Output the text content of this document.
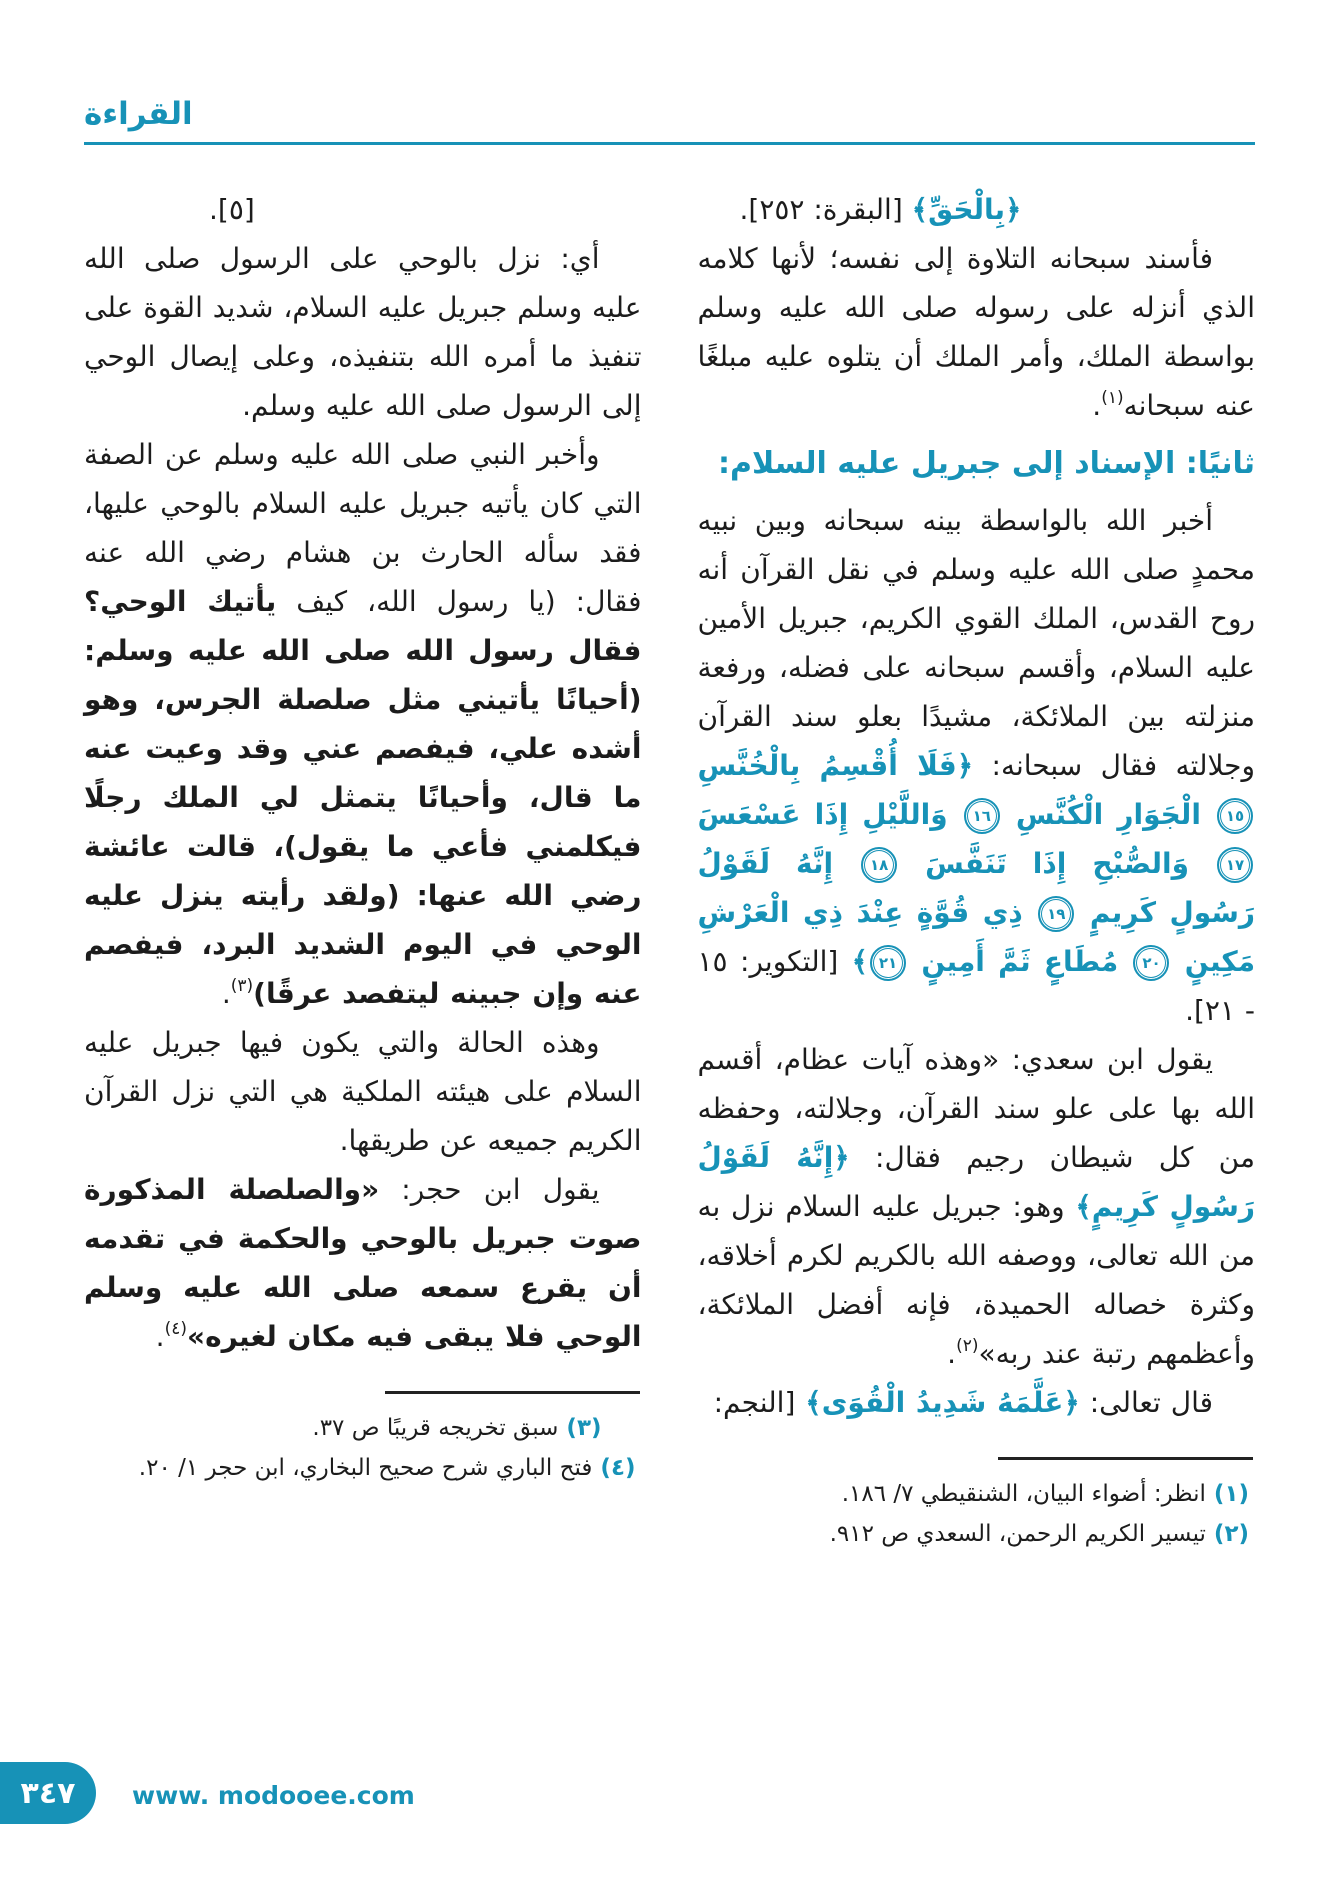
القراءة

﴿بِالْحَقِّ﴾ [البقرة: ٢٥٢].

فأسند سبحانه التلاوة إلى نفسه؛ لأنها كلامه الذي أنزله على رسوله صلى الله عليه وسلم بواسطة الملك، وأمر الملك أن يتلوه عليه مبلغًا عنه سبحانه$^{(١)}$.

ثانيًا: الإسناد إلى جبريل عليه السلام:

أخبر الله بالواسطة بينه سبحانه وبين نبيه محمدٍ صلى الله عليه وسلم في نقل القرآن أنه روح القدس، الملك القوي الكريم، جبريل الأمين عليه السلام، وأقسم سبحانه على فضله، ورفعة منزلته بين الملائكة، مشيدًا بعلو سند القرآن وجلالته فقال سبحانه: ﴿فَلَا أُقْسِمُ بِالْخُنَّسِ ١٥ الْجَوَارِ الْكُنَّسِ ١٦ وَاللَّيْلِ إِذَا عَسْعَسَ ١٧ وَالصُّبْحِ إِذَا تَنَفَّسَ ١٨ إِنَّهُ لَقَوْلُ رَسُولٍ كَرِيمٍ ١٩ ذِي قُوَّةٍ عِنْدَ ذِي الْعَرْشِ مَكِينٍ ٢٠ مُطَاعٍ ثَمَّ أَمِينٍ ٢١﴾ [التكوير: ١٥ - ٢١].

يقول ابن سعدي: «وهذه آيات عظام، أقسم الله بها على علو سند القرآن، وجلالته، وحفظه من كل شيطان رجيم فقال: ﴿إِنَّهُ لَقَوْلُ رَسُولٍ كَرِيمٍ﴾ وهو: جبريل عليه السلام نزل به من الله تعالى، ووصفه الله بالكريم لكرم أخلاقه، وكثرة خصاله الحميدة، فإنه أفضل الملائكة، وأعظمهم رتبة عند ربه»$^{(٢)}$.

قال تعالى: ﴿عَلَّمَهُ شَدِيدُ الْقُوَى﴾ [النجم:

(١)انظر: أضواء البيان، الشنقيطي ٧/ ١٨٦.
(٢)تيسير الكريم الرحمن، السعدي ص ٩١٢.

[٥].

أي: نزل بالوحي على الرسول صلى الله عليه وسلم جبريل عليه السلام، شديد القوة على تنفيذ ما أمره الله بتنفيذه، وعلى إيصال الوحي إلى الرسول صلى الله عليه وسلم.

وأخبر النبي صلى الله عليه وسلم عن الصفة التي كان يأتيه جبريل عليه السلام بالوحي عليها، فقد سأله الحارث بن هشام رضي الله عنه فقال: (يا رسول الله، كيف يأتيك الوحي؟ فقال رسول الله صلى الله عليه وسلم: (أحيانًا يأتيني مثل صلصلة الجرس، وهو أشده علي، فيفصم عني وقد وعيت عنه ما قال، وأحيانًا يتمثل لي الملك رجلًا فيكلمني فأعي ما يقول)، قالت عائشة رضي الله عنها: (ولقد رأيته ينزل عليه الوحي في اليوم الشديد البرد، فيفصم عنه وإن جبينه ليتفصد عرقًا)$^{(٣)}$.

وهذه الحالة والتي يكون فيها جبريل عليه السلام على هيئته الملكية هي التي نزل القرآن الكريم جميعه عن طريقها.

يقول ابن حجر: «والصلصلة المذكورة صوت جبريل بالوحي والحكمة في تقدمه أن يقرع سمعه صلى الله عليه وسلم الوحي فلا يبقى فيه مكان لغيره»$^{(٤)}$.

(٣)سبق تخريجه قريبًا ص ٣٧.
(٤)فتح الباري شرح صحيح البخاري، ابن حجر ١/ ٢٠.
٣٤٧ www. modooee.com
